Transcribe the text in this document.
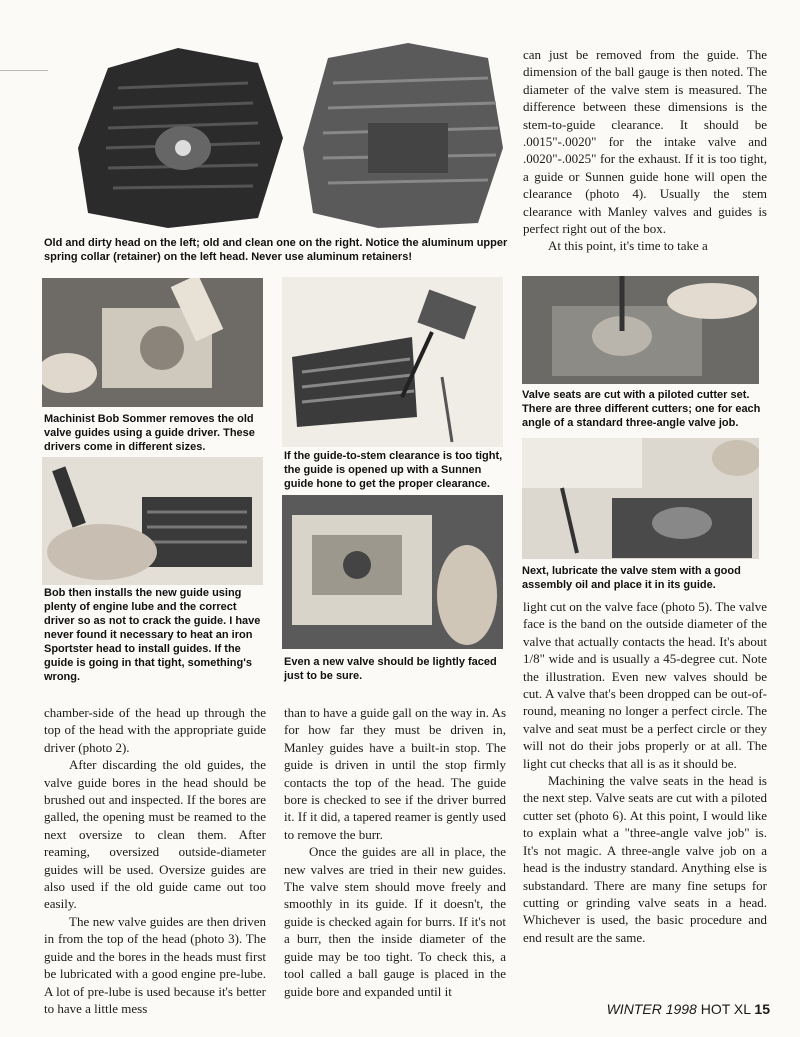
Old and dirty head on the left; old and clean one on the right. Notice the aluminum upper spring collar (retainer) on the left head. Never use aluminum retainers!
Machinist Bob Sommer removes the old valve guides using a guide driver. These drivers come in different sizes.
Bob then installs the new guide using plenty of engine lube and the correct driver so as not to crack the guide. I have never found it necessary to heat an iron Sportster head to install guides. If the guide is going in that tight, something's wrong.
If the guide-to-stem clearance is too tight, the guide is opened up with a Sunnen guide hone to get the proper clearance.
Even a new valve should be lightly faced just to be sure.
Valve seats are cut with a piloted cutter set. There are three different cutters; one for each angle of a standard three-angle valve job.
Next, lubricate the valve stem with a good assembly oil and place it in its guide.

can just be removed from the guide. The dimension of the ball gauge is then noted. The diameter of the valve stem is measured. The difference between these dimensions is the stem-to-guide clearance. It should be .0015"-.0020" for the intake valve and .0020"-.0025" for the exhaust. If it is too tight, a guide or Sunnen guide hone will open the clearance (photo 4). Usually the stem clearance with Manley valves and guides is perfect right out of the box.

At this point, it's time to take a

chamber-side of the head up through the top of the head with the appropriate guide driver (photo 2).

After discarding the old guides, the valve guide bores in the head should be brushed out and inspected. If the bores are galled, the opening must be reamed to the next oversize to clean them. After reaming, oversized outside-diameter guides will be used. Oversize guides are also used if the old guide came out too easily.

The new valve guides are then driven in from the top of the head (photo 3). The guide and the bores in the heads must first be lubricated with a good engine pre-lube. A lot of pre-lube is used because it's better to have a little mess

than to have a guide gall on the way in. As for how far they must be driven in, Manley guides have a built-in stop. The guide is driven in until the stop firmly contacts the top of the head. The guide bore is checked to see if the driver burred it. If it did, a tapered reamer is gently used to remove the burr.

Once the guides are all in place, the new valves are tried in their new guides. The valve stem should move freely and smoothly in its guide. If it doesn't, the guide is checked again for burrs. If it's not a burr, then the inside diameter of the guide may be too tight. To check this, a tool called a ball gauge is placed in the guide bore and expanded until it

light cut on the valve face (photo 5). The valve face is the band on the outside diameter of the valve that actually contacts the head. It's about 1/8" wide and is usually a 45-degree cut. Note the illustration. Even new valves should be cut. A valve that's been dropped can be out-of-round, meaning no longer a perfect circle. The valve and seat must be a perfect circle or they will not do their jobs properly or at all. The light cut checks that all is as it should be.

Machining the valve seats in the head is the next step. Valve seats are cut with a piloted cutter set (photo 6). At this point, I would like to explain what a "three-angle valve job" is. It's not magic. A three-angle valve job on a head is the industry standard. Anything else is substandard. There are many fine setups for cutting or grinding valve seats in a head. Whichever is used, the basic procedure and end result are the same.

WINTER 1998 HOT XL 15
